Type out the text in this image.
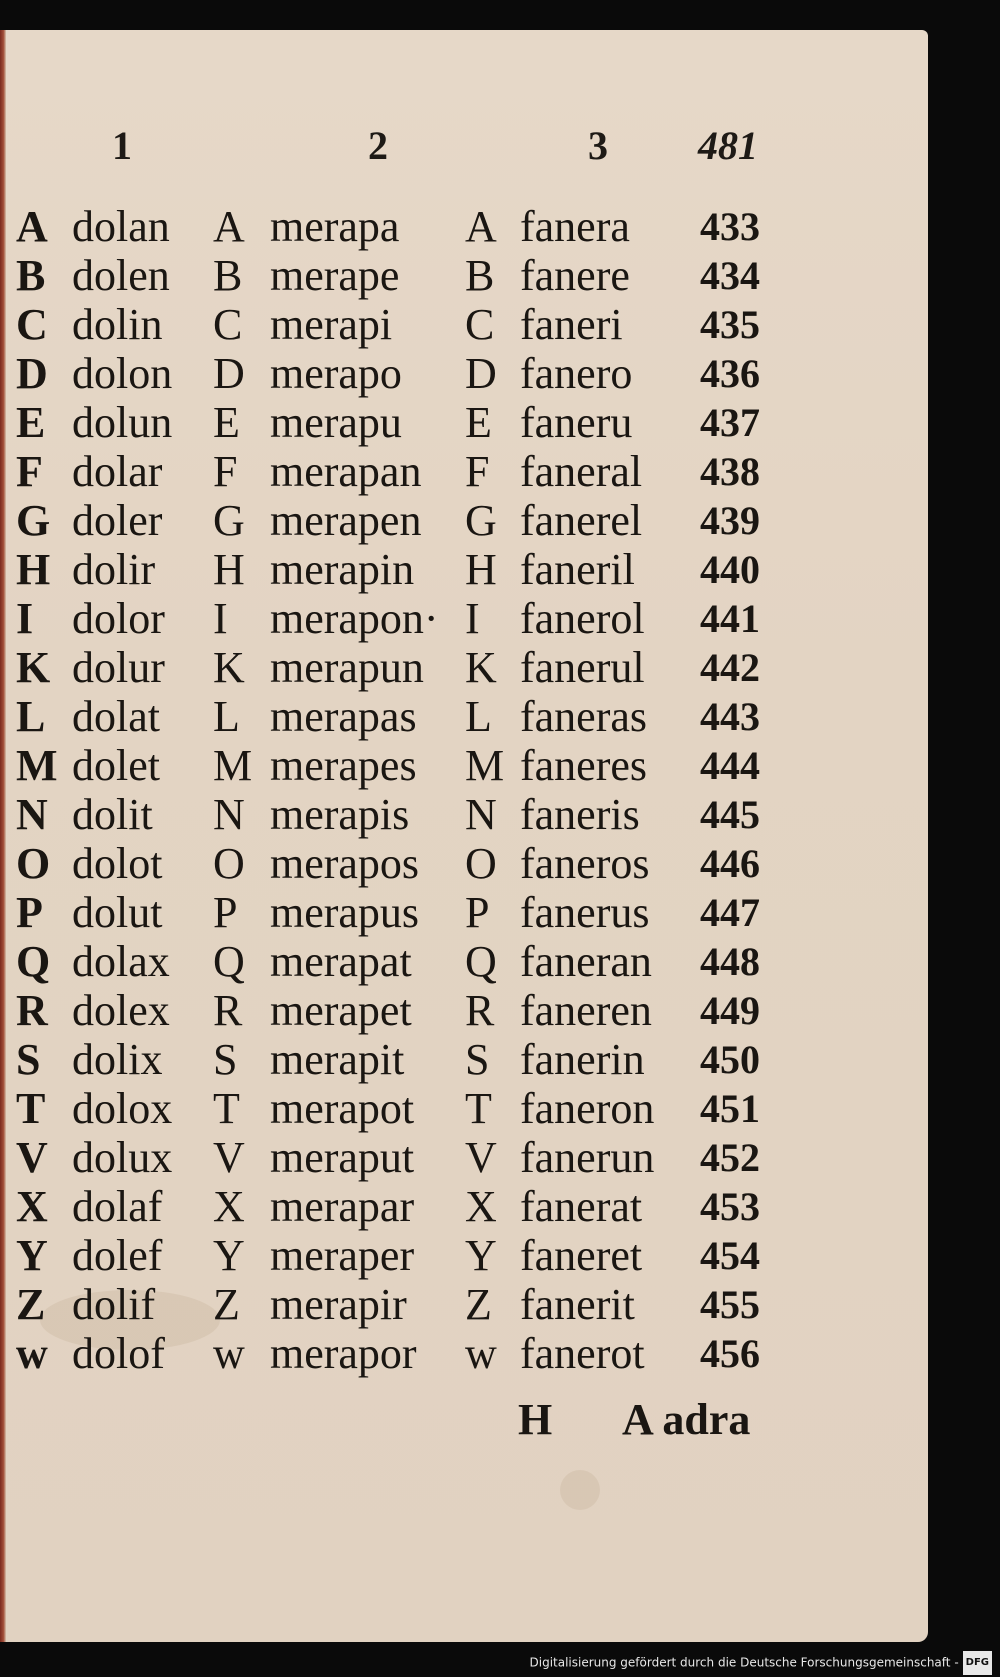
1	2	3 481
A dolan A merapa A fanera 433
B dolen B merape B fanere 434
C dolin C merapi C faneri 435
D dolon D merapo D fanero 436
E dolun E merapu E faneru 437
F dolar F merapan F faneral 438
G doler G merapen G fanerel 439
H dolir H merapin H faneril 440
I dolor I merapon· I fanerol 441
K dolur K merapun K fanerul 442
L dolat L merapas L faneras 443
M dolet M merapes M faneres 444
N dolit N merapis N faneris 445
O dolot O merapos O faneros 446
P dolut P merapus P fanerus 447
Q dolax Q merapat Q faneran 448
R dolex R merapet R faneren 449
S dolix S merapit S fanerin 450
T dolox T merapot T faneron 451
V dolux V meraput V fanerun 452
X dolaf X merapar X fanerat 453
Y dolef Y meraper Y faneret 454
Z dolif Z merapir Z fanerit 455
w dolof w merapor w fanerot 456
H A adra
Digitalisierung gefördert durch die Deutsche Forschungsgemeinschaft - DFG
